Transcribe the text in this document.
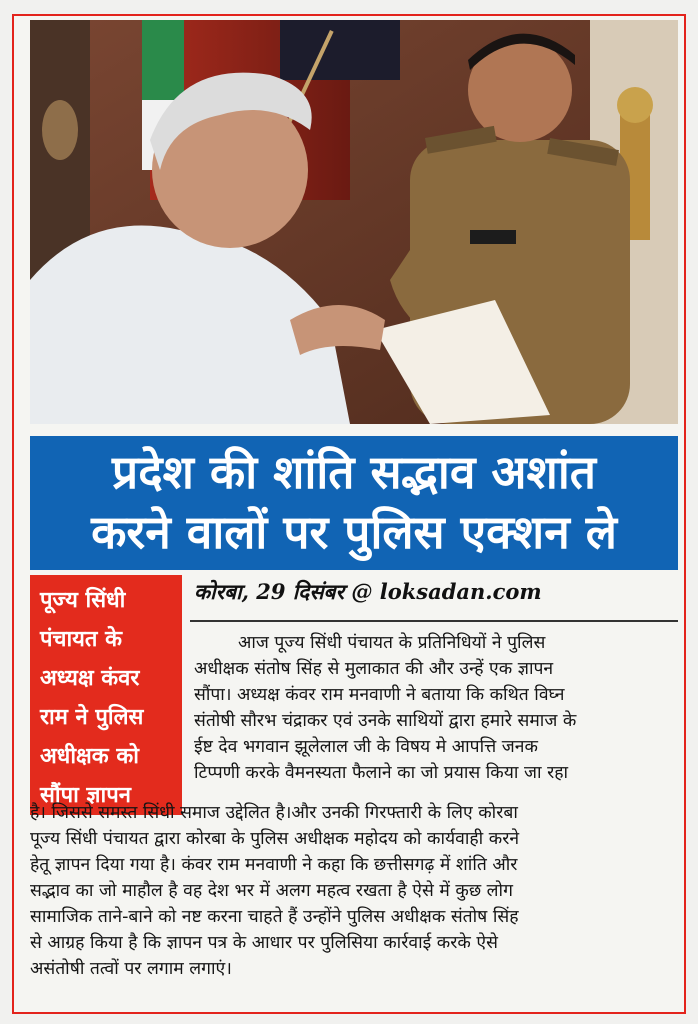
प्रदेश की शांति सद्भाव अशांत
करने वालों पर पुलिस एक्शन ले
पूज्य सिंधी
पंचायत के
अध्यक्ष कंवर
राम ने पुलिस
अधीक्षक को
सौंपा ज्ञापन
कोरबा, 29 दिसंबर @ loksadan.com
आज पूज्य सिंधी पंचायत के प्रतिनिधियों ने पुलिस
अधीक्षक संतोष सिंह से मुलाकात की और उन्हें एक ज्ञापन
सौंपा। अध्यक्ष कंवर राम मनवाणी ने बताया कि कथित विघ्न
संतोषी सौरभ चंद्राकर एवं उनके साथियों द्वारा हमारे समाज के
ईष्ट देव भगवान झूलेलाल जी के विषय मे आपत्ति जनक
टिप्पणी करके वैमनस्यता फैलाने का जो प्रयास किया जा रहा
है। जिससे समस्त सिंधी समाज उद्देलित है।और उनकी गिरफ्तारी के लिए कोरबा
पूज्य सिंधी पंचायत द्वारा कोरबा के पुलिस अधीक्षक महोदय को कार्यवाही करने
हेतू ज्ञापन दिया गया है। कंवर राम मनवाणी ने कहा कि छत्तीसगढ़ में शांति और
सद्भाव का जो माहौल है वह देश भर में अलग महत्व रखता है ऐसे में कुछ लोग
सामाजिक ताने-बाने को नष्ट करना चाहते हैं उन्होंने पुलिस अधीक्षक संतोष सिंह
से आग्रह किया है कि ज्ञापन पत्र के आधार पर पुलिसिया कार्रवाई करके ऐसे
असंतोषी तत्वों पर लगाम लगाएं।
